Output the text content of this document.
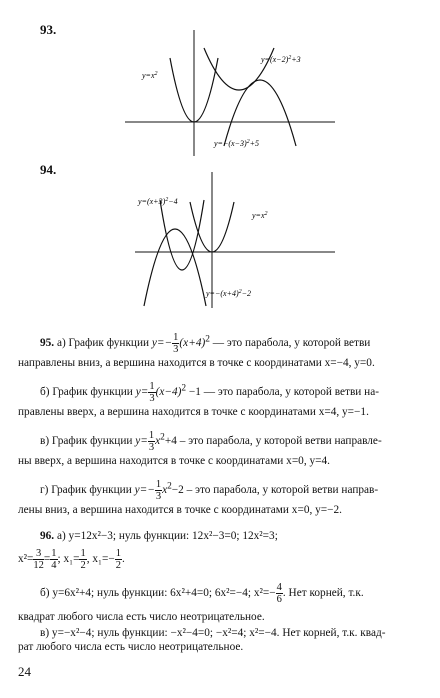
93.
$y=x^2$
$y=(x-2)^2+3$
$y=-(x-3)^2+5$
94.
$y=(x+3)^2-4$
$y=x^2$
$y=-(x+4)^2-2$
95. а) График функции $y=- \frac{1}{3} (x+4)^2$ — это парабола, у которой ветви
направлены вниз, а вершина находится в точке с координатами x=−4, y=0.
б) График функции $y= \frac{1}{3} (x-4)^2 -1$ — это парабола, у которой ветви на-
правлены вверх, а вершина находится в точке с координатами x=4, y=−1.
в) График функции $y= \frac{1}{3} x^2+4$ – это парабола, у которой ветви направле-
ны вверх, а вершина находится в точке с координатами x=0, y=4.
г) График функции $y=- \frac{1}{3} x^2-2$ – это парабола, у которой ветви направ-
лены вниз, а вершина находится в точке с координатами x=0, y=−2.
96. а) y=12x²−3; нуль функции: 12x²−3=0; 12x²=3;
$x^2= \frac{3}{12} = \frac{1}{4}$ ; $x_1= \frac{1}{2}$ , $x_1=- \frac{1}{2}$ .
б) y=6x²+4; нуль функции: 6x²+4=0; 6x²=−4; $x^2=- \frac{4}{6}$ . Нет корней, т.к.
квадрат любого числа есть число неотрицательное.
в) y=−x²−4; нуль функции: −x²−4=0; −x²=4; x²=−4. Нет корней, т.к. квад-
рат любого числа есть число неотрицательное.
24
